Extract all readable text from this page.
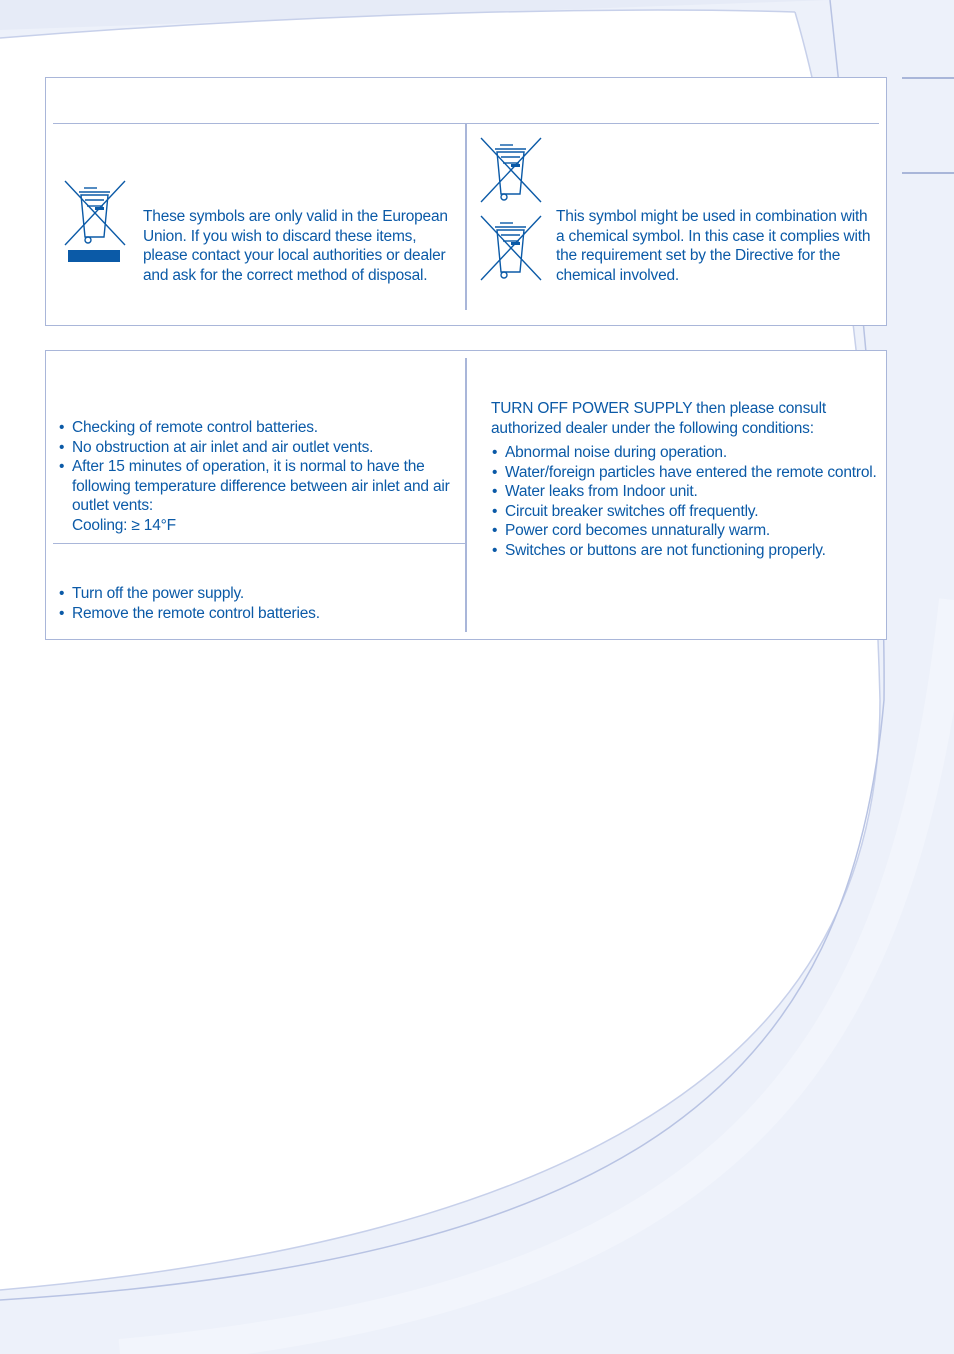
These symbols are only valid in the European Union. If you wish to discard these items, please contact your local authorities or dealer and ask for the correct method of disposal.

This symbol might be used in combination with a chemical symbol. In this case it complies with the requirement set by the Directive for the chemical involved.

• Checking of remote control batteries.
• No obstruction at air inlet and air outlet vents.
• After 15 minutes of operation, it is normal to have the following temperature difference between air inlet and air outlet vents:
Cooling: ≥ 14°F
• Turn off the power supply.
• Remove the remote control batteries.

TURN OFF POWER SUPPLY then please consult authorized dealer under the following conditions:

• Abnormal noise during operation.
• Water/foreign particles have entered the remote control.
• Water leaks from Indoor unit.
• Circuit breaker switches off frequently.
• Power cord becomes unnaturally warm.
• Switches or buttons are not functioning properly.
